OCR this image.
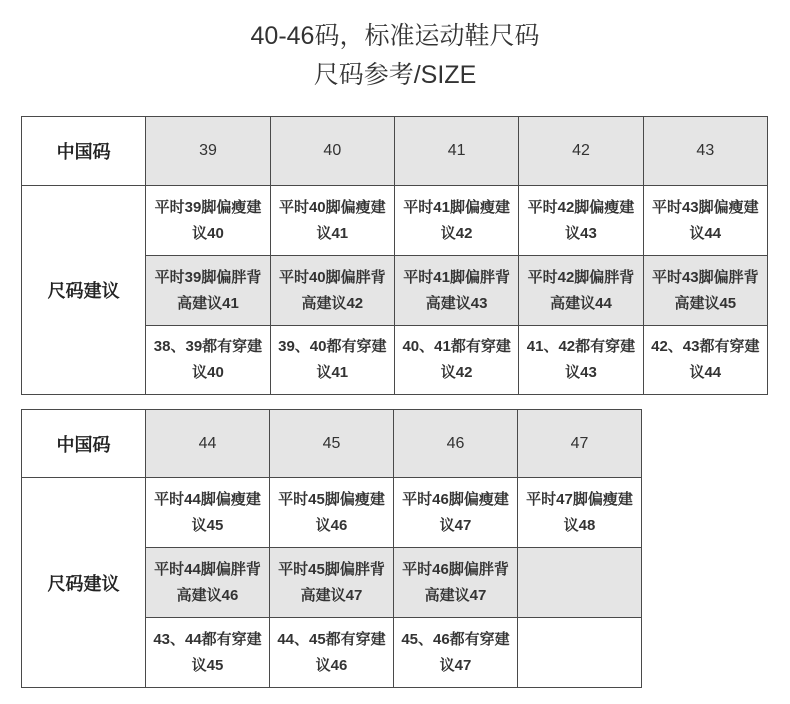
40-46码，标准运动鞋尺码
尺码参考/SIZE
中国码	39	40	41	42	43
尺码建议	平时39脚偏瘦建议40	平时40脚偏瘦建议41	平时41脚偏瘦建议42	平时42脚偏瘦建议43	平时43脚偏瘦建议44
	平时39脚偏胖背高建议41	平时40脚偏胖背高建议42	平时41脚偏胖背高建议43	平时42脚偏胖背高建议44	平时43脚偏胖背高建议45
	38、39都有穿建议40	39、40都有穿建议41	40、41都有穿建议42	41、42都有穿建议43	42、43都有穿建议44
中国码	44	45	46	47
尺码建议	平时44脚偏瘦建议45	平时45脚偏瘦建议46	平时46脚偏瘦建议47	平时47脚偏瘦建议48
	平时44脚偏胖背高建议46	平时45脚偏胖背高建议47	平时46脚偏胖背高建议47	
	43、44都有穿建议45	44、45都有穿建议46	45、46都有穿建议47	
